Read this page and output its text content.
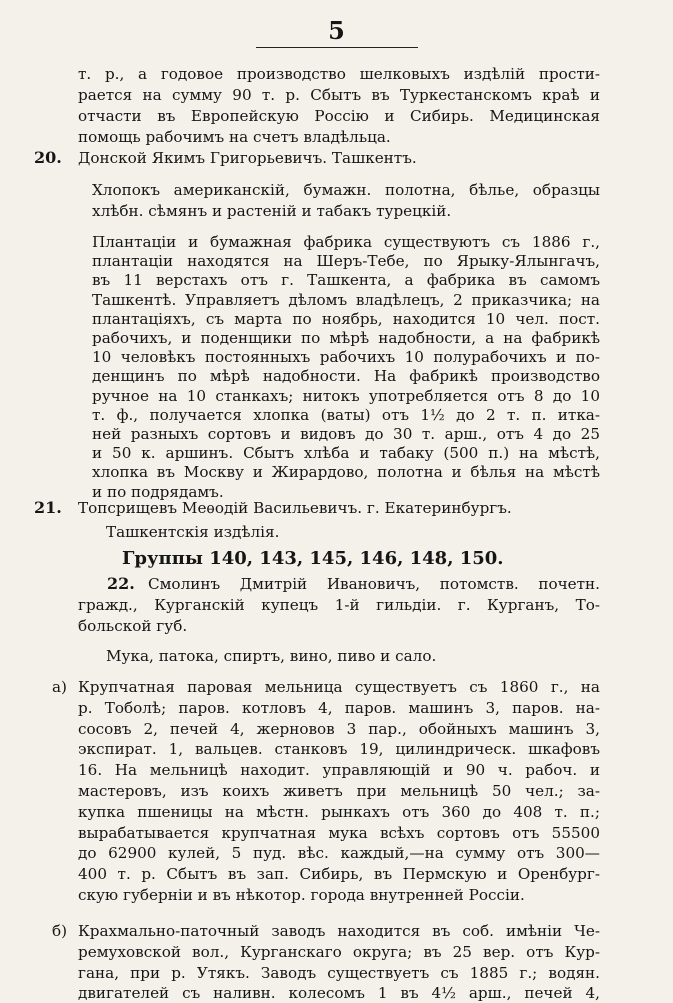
5
т. р., а годовое производство шелковыхъ издѣлій прости-
рается на сумму 90 т. р. Сбытъ въ Туркестанскомъ краѣ и
отчасти въ Европейскую Россію и Сибирь. Медицинская
помощь рабочимъ на счетъ владѣльца.
20. Донской Якимъ Григорьевичъ. Ташкентъ.
Хлопокъ американскій, бумажн. полотна, бѣлье, образцы
хлѣбн. сѣмянъ и растеній и табакъ турецкій.
Плантаціи и бумажная фабрика существуютъ съ 1886 г.,
плантаціи находятся на Шеръ-Тебе, по Ярыку-Ялынгачъ,
въ 11 верстахъ отъ г. Ташкента, а фабрика въ самомъ
Ташкентѣ. Управляетъ дѣломъ владѣлецъ, 2 приказчика; на
плантаціяхъ, съ марта по ноябрь, находится 10 чел. пост.
рабочихъ, и поденщики по мѣрѣ надобности, а на фабрикѣ
10 человѣкъ постоянныхъ рабочихъ 10 полурабочихъ и по-
денщинъ по мѣрѣ надобности. На фабрикѣ производство
ручное на 10 станкахъ; нитокъ употребляется отъ 8 до 10
т. ф., получается хлопка (ваты) отъ 1½ до 2 т. п. итка-
ней разныхъ сортовъ и видовъ до 30 т. арш., отъ 4 до 25
и 50 к. аршинъ. Сбытъ хлѣба и табаку (500 п.) на мѣстѣ,
хлопка въ Москву и Жирардово, полотна и бѣлья на мѣстѣ
и по подрядамъ.
21. Топсрищевъ Меѳодій Васильевичъ. г. Екатеринбургъ.
Ташкентскія издѣлія.
Группы 140, 143, 145, 146, 148, 150.
22. Смолинъ Дмитрій Ивановичъ, потомств. почетн.
гражд., Курганскій купецъ 1-й гильдіи. г. Курганъ, То-
больской губ.
Мука, патока, спиртъ, вино, пиво и сало.
а) Крупчатная паровая мельница существуетъ съ 1860 г., на
р. Тоболѣ; паров. котловъ 4, паров. машинъ 3, паров. на-
сосовъ 2, печей 4, жерновов 3 пар., обойныхъ машинъ 3,
экспират. 1, вальцев. станковъ 19, цилиндрическ. шкафовъ
16. На мельницѣ находит. управляющій и 90 ч. рабоч. и
мастеровъ, изъ коихъ живетъ при мельницѣ 50 чел.; за-
купка пшеницы на мѣстн. рынкахъ отъ 360 до 408 т. п.;
вырабатывается крупчатная мука всѣхъ сортовъ отъ 55500
до 62900 кулей, 5 пуд. вѣс. каждый,—на сумму отъ 300—
400 т. р. Сбытъ въ зап. Сибирь, въ Пермскую и Оренбург-
скую губерніи и въ нѣкотор. города внутренней Россіи.
б) Крахмально-паточный заводъ находится въ соб. имѣніи Че-
ремуховской вол., Курганскаго округа; въ 25 вер. отъ Кур-
гана, при р. Утякъ. Заводъ существуетъ съ 1885 г.; водян.
двигателей съ наливн. колесомъ 1 въ 4½ арш., печей 4,
